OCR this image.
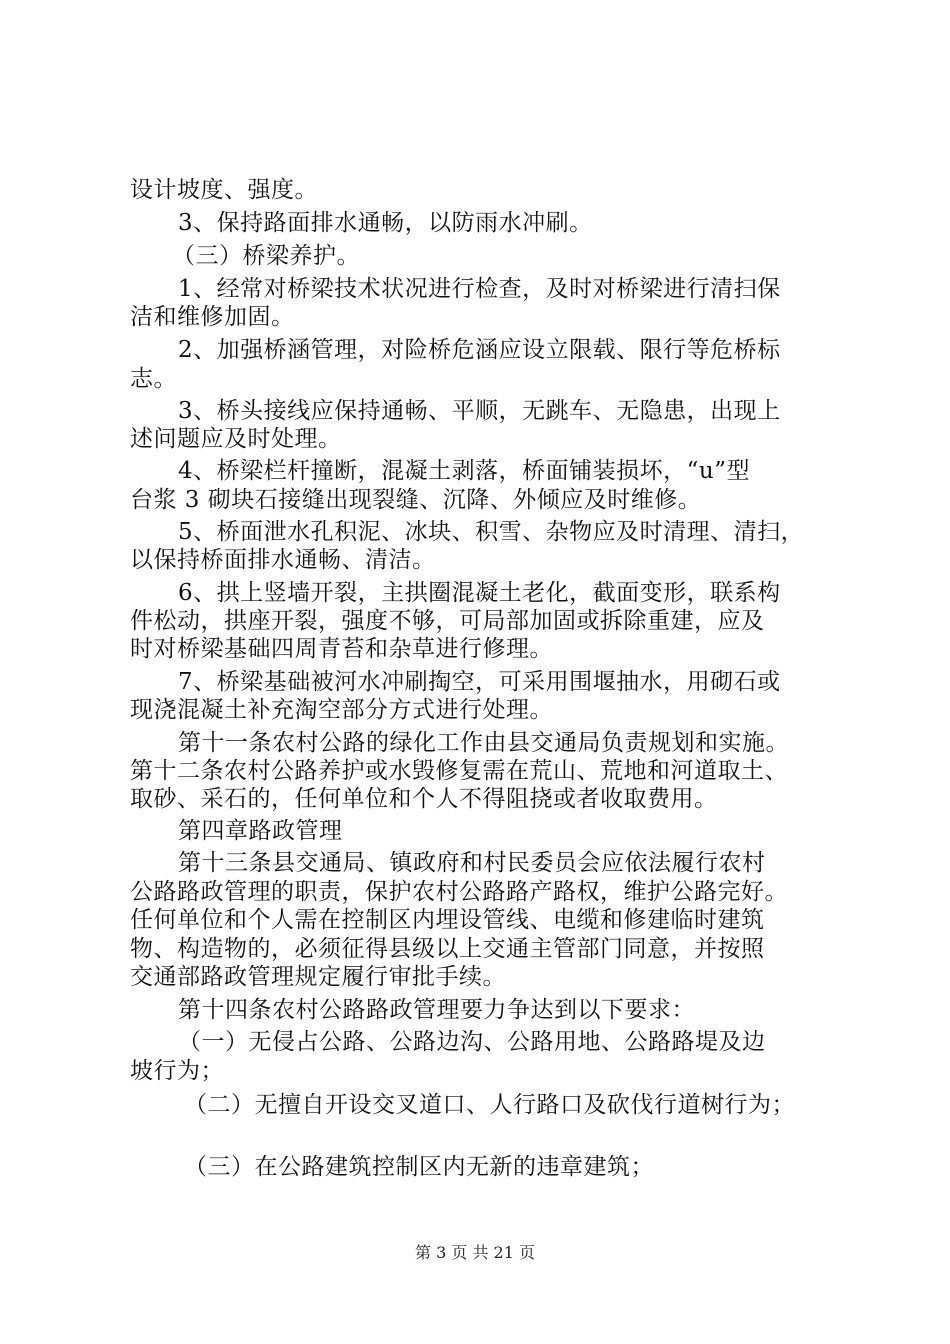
设计坡度、强度。
3、保持路面排水通畅，以防雨水冲刷。
（三）桥梁养护。
1、经常对桥梁技术状况进行检查，及时对桥梁进行清扫保
洁和维修加固。
2、加强桥涵管理，对险桥危涵应设立限载、限行等危桥标
志。
3、桥头接线应保持通畅、平顺，无跳车、无隐患，出现上
述问题应及时处理。
4、桥梁栏杆撞断，混凝土剥落，桥面铺装损坏，“u”型
台浆 3 砌块石接缝出现裂缝、沉降、外倾应及时维修。
5、桥面泄水孔积泥、冰块、积雪、杂物应及时清理、清扫，
以保持桥面排水通畅、清洁。
6、拱上竖墙开裂，主拱圈混凝土老化，截面变形，联系构
件松动，拱座开裂，强度不够，可局部加固或拆除重建，应及
时对桥梁基础四周青苔和杂草进行修理。
7、桥梁基础被河水冲刷掏空，可采用围堰抽水，用砌石或
现浇混凝土补充淘空部分方式进行处理。
第十一条农村公路的绿化工作由县交通局负责规划和实施。
第十二条农村公路养护或水毁修复需在荒山、荒地和河道取土、
取砂、采石的，任何单位和个人不得阻挠或者收取费用。
第四章路政管理
第十三条县交通局、镇政府和村民委员会应依法履行农村
公路路政管理的职责，保护农村公路路产路权，维护公路完好。
任何单位和个人需在控制区内埋设管线、电缆和修建临时建筑
物、构造物的，必须征得县级以上交通主管部门同意，并按照
交通部路政管理规定履行审批手续。
第十四条农村公路路政管理要力争达到以下要求：
（一）无侵占公路、公路边沟、公路用地、公路路堤及边
坡行为；
（二）无擅自开设交叉道口、人行路口及砍伐行道树行为；
（三）在公路建筑控制区内无新的违章建筑；
第 3 页 共 21 页
